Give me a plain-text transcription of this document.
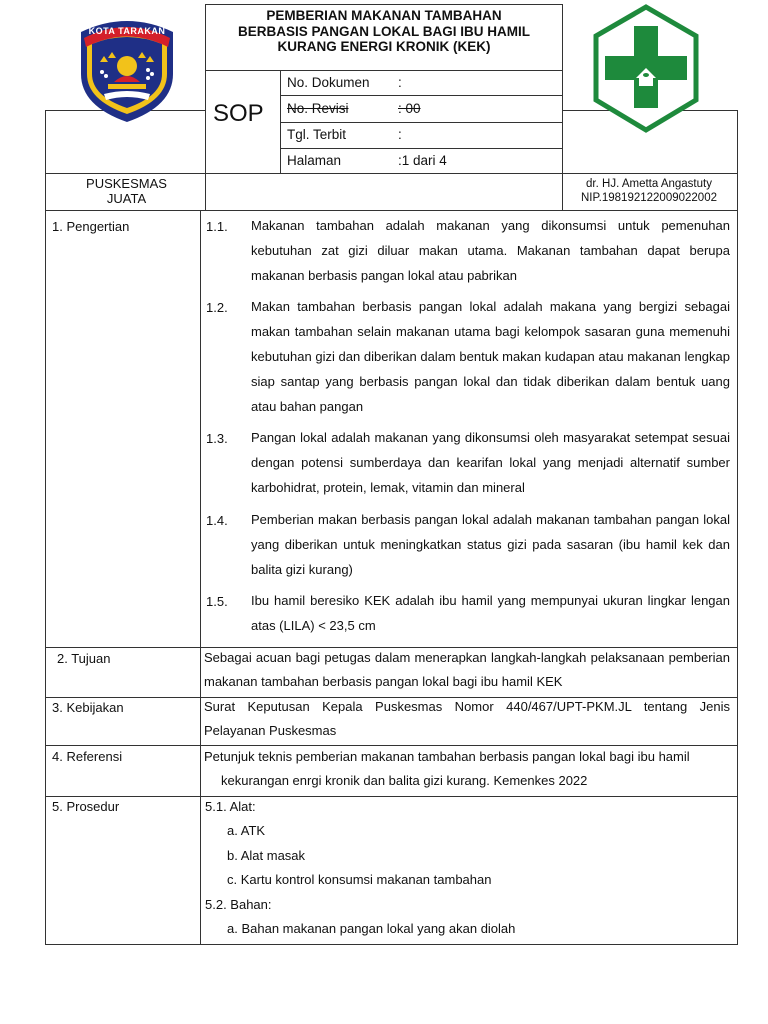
KOTA TARAKAN
PEMBERIAN MAKANAN TAMBAHAN
BERBASIS PANGAN LOKAL BAGI IBU HAMIL
KURANG ENERGI KRONIK (KEK)
SOP
No. Dokumen :
No. Revisi	: 00
Tgl. Terbit	:
Halaman	:1 dari 4
PUSKESMAS
JUATA
dr. HJ. Ametta Angastuty
NIP.198192122009022002
1. Pengertian	1.1. Makanan tambahan adalah makanan yang dikonsumsi untuk pemenuhan kebutuhan zat gizi diluar makan utama. Makanan tambahan dapat berupa makanan berbasis pangan lokal atau pabrikan

1.2. Makan tambahan berbasis pangan lokal adalah makana yang bergizi sebagai makan tambahan selain makanan utama bagi kelompok sasaran guna memenuhi kebutuhan gizi dan diberikan dalam bentuk makan kudapan atau makanan lengkap siap santap yang berbasis pangan lokal dan tidak diberikan dalam bentuk uang atau bahan pangan

1.3. Pangan lokal adalah makanan yang dikonsumsi oleh masyarakat setempat sesuai dengan potensi sumberdaya dan kearifan lokal yang menjadi alternatif sumber karbohidrat, protein, lemak, vitamin dan mineral

1.4. Pemberian makan berbasis pangan lokal adalah makanan tambahan pangan lokal yang diberikan untuk meningkatkan status gizi pada sasaran (ibu hamil kek dan balita gizi kurang)

1.5. Ibu hamil beresiko KEK adalah ibu hamil yang mempunyai ukuran lingkar lengan atas (LILA) < 23,5 cm

2. Tujuan	Sebagai acuan bagi petugas dalam menerapkan langkah-langkah pelaksanaan pemberian makanan tambahan berbasis pangan lokal bagi ibu hamil KEK

3. Kebijakan	Surat Keputusan Kepala Puskesmas Nomor 440/467/UPT-PKM.JL tentang Jenis Pelayanan Puskesmas

4. Referensi	Petunjuk teknis pemberian makanan tambahan berbasis pangan lokal bagi ibu hamil
kekurangan enrgi kronik dan balita gizi kurang. Kemenkes 2022
5. Prosedur	5.1. Alat:
a. ATK
b. Alat masak
c. Kartu kontrol konsumsi makanan tambahan
5.2. Bahan:
a. Bahan makanan pangan lokal yang akan diolah
